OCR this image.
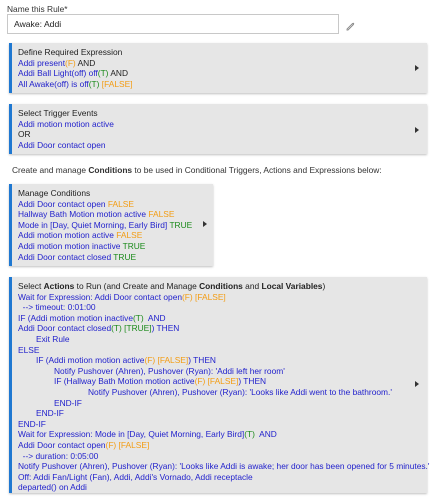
Name this Rule*
Awake: Addi
Define Required Expression
Addi present(F) AND
Addi Ball Light(off) off(T) AND
All Awake(off) is off(T) [FALSE]
Select Trigger Events
Addi motion motion active
OR
Addi Door contact open
Create and manage Conditions to be used in Conditional Triggers, Actions and Expressions below:
Manage Conditions
Addi Door contact open FALSE
Hallway Bath Motion motion active FALSE
Mode in [Day, Quiet Morning, Early Bird] TRUE
Addi motion motion active FALSE
Addi motion motion inactive TRUE
Addi Door contact closed TRUE
Select Actions to Run (and Create and Manage Conditions and Local Variables)
Wait for Expression: Addi Door contact open(F) [FALSE]
--> timeout: 0:01:00
IF (Addi motion motion inactive(T)  AND
Addi Door contact closed(T) [TRUE]) THEN
Exit Rule
ELSE
IF (Addi motion motion active(F) [FALSE]) THEN
Notify Pushover (Ahren), Pushover (Ryan): 'Addi left her room'
IF (Hallway Bath Motion motion active(F) [FALSE]) THEN
Notify Pushover (Ahren), Pushover (Ryan): 'Looks like Addi went to the bathroom.'
END-IF
END-IF
END-IF
Wait for Expression: Mode in [Day, Quiet Morning, Early Bird](T)  AND
Addi Door contact open(F) [FALSE]
--> duration: 0:05:00
Notify Pushover (Ahren), Pushover (Ryan): 'Looks like Addi is awake; her door has been opened for 5 minutes.'
Off: Addi Fan/Light (Fan), Addi, Addi's Vornado, Addi receptacle
departed() on Addi
